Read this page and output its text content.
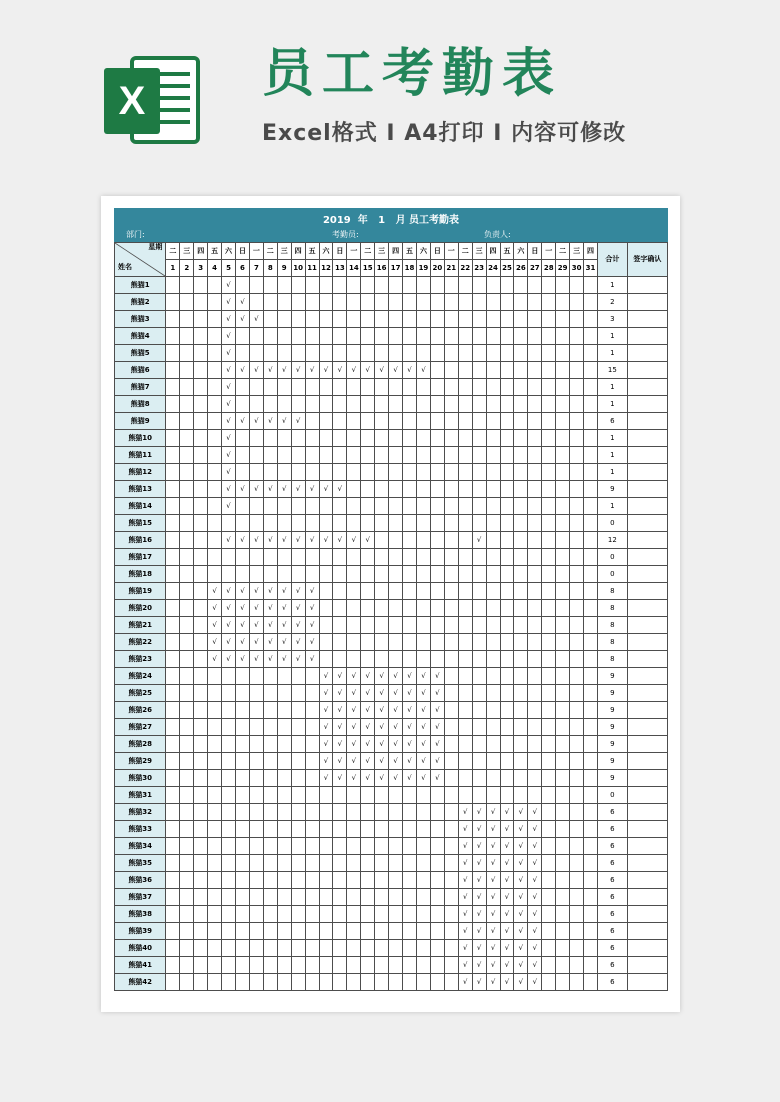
X 员工考勤表
Excel格式 I A4打印 I 内容可修改
2019  年   1   月 员工考勤表
部门:	考勤员:	负责人:
星期
姓名	二	三	四	五	六	日	一	二	三	四	五	六	日	一	二	三	四	五	六	日	一	二	三	四	五	六	日	一	二	三	四	合计	签字确认
	1	2	3	4	5	6	7	8	9	10	11	12	13	14	15	16	17	18	19	20	21	22	23	24	25	26	27	28	29	30	31		
熊猫1					√																											1	
熊猫2					√	√																										2	
熊猫3					√	√	√																									3	
熊猫4					√																											1	
熊猫5					√																											1	
熊猫6					√	√	√	√	√	√	√	√	√	√	√	√	√	√	√													15	
熊猫7					√																											1	
熊猫8					√																											1	
熊猫9					√	√	√	√	√	√																						6	
熊猫10					√																											1	
熊猫11					√																											1	
熊猫12					√																											1	
熊猫13					√	√	√	√	√	√	√	√	√																			9	
熊猫14					√																											1	
熊猫15																																0	
熊猫16					√	√	√	√	√	√	√	√	√	√	√								√									12	
熊猫17																																0	
熊猫18																																0	
熊猫19				√	√	√	√	√	√	√	√																					8	
熊猫20				√	√	√	√	√	√	√	√																					8	
熊猫21				√	√	√	√	√	√	√	√																					8	
熊猫22				√	√	√	√	√	√	√	√																					8	
熊猫23				√	√	√	√	√	√	√	√																					8	
熊猫24												√	√	√	√	√	√	√	√	√												9	
熊猫25												√	√	√	√	√	√	√	√	√												9	
熊猫26												√	√	√	√	√	√	√	√	√												9	
熊猫27												√	√	√	√	√	√	√	√	√												9	
熊猫28												√	√	√	√	√	√	√	√	√												9	
熊猫29												√	√	√	√	√	√	√	√	√												9	
熊猫30												√	√	√	√	√	√	√	√	√												9	
熊猫31																																0	
熊猫32																						√	√	√	√	√	√					6	
熊猫33																						√	√	√	√	√	√					6	
熊猫34																						√	√	√	√	√	√					6	
熊猫35																						√	√	√	√	√	√					6	
熊猫36																						√	√	√	√	√	√					6	
熊猫37																						√	√	√	√	√	√					6	
熊猫38																						√	√	√	√	√	√					6	
熊猫39																						√	√	√	√	√	√					6	
熊猫40																						√	√	√	√	√	√					6	
熊猫41																						√	√	√	√	√	√					6	
熊猫42																						√	√	√	√	√	√					6	
